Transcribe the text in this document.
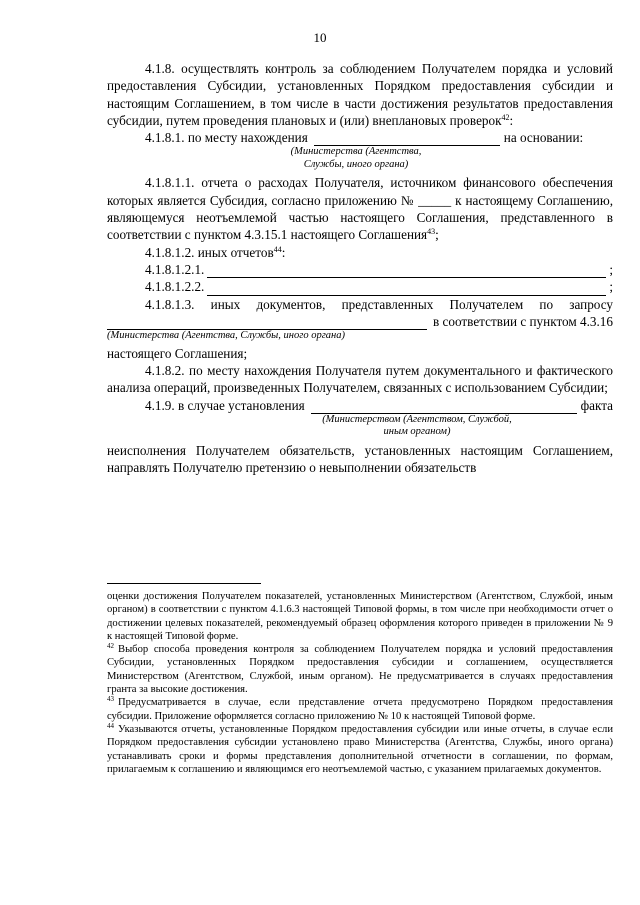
10

4.1.8. осуществлять контроль за соблюдением Получателем порядка и условий предоставления Субсидии, установленных Порядком предоставления субсидии и настоящим Соглашением, в том числе в части достижения результатов предоставления субсидии, путем проведения плановых и (или) внеплановых проверок$^{42}$:

4.1.8.1. по месту нахождения	на основании:
(Министерства (Агентства,
Службы, иного органа)

4.1.8.1.1. отчета о расходах Получателя, источником финансового обеспечения которых является Субсидия, согласно приложению № _____ к настоящему Соглашению, являющемуся неотъемлемой частью настоящего Соглашения, представленного в соответствии с пунктом 4.3.15.1 настоящего Соглашения$^{43}$;

4.1.8.1.2. иных отчетов$^{44}$:

4.1.8.1.2.1.	;
4.1.8.1.2.2.	;

4.1.8.1.3. иных документов, представленных Получателем по запросу

в соответствии с пунктом 4.3.16
(Министерства (Агентства, Службы, иного органа)

настоящего Соглашения;

4.1.8.2. по месту нахождения Получателя путем документального и фактического анализа операций, произведенных Получателем, связанных с использованием Субсидии;

4.1.9. в случае установления	факта
(Министерством (Агентством, Службой,
иным органом)

неисполнения Получателем обязательств, установленных настоящим Соглашением, направлять Получателю претензию о невыполнении обязательств

оценки достижения Получателем показателей, установленных Министерством (Агентством, Службой, иным органом) в соответствии с пунктом 4.1.6.3 настоящей Типовой формы, в том числе при необходимости отчет о достижении целевых показателей, рекомендуемый образец оформления которого приведен в приложении № 9 к настоящей Типовой форме.

$^{42}$ Выбор способа проведения контроля за соблюдением Получателем порядка и условий предоставления Субсидии, установленных Порядком предоставления субсидии и соглашением, осуществляется Министерством (Агентством, Службой, иным органом). Не предусматривается в случаях предоставления гранта за высокие достижения.

$^{43}$ Предусматривается в случае, если представление отчета предусмотрено Порядком предоставления субсидии. Приложение оформляется согласно приложению № 10 к настоящей Типовой форме.

$^{44}$ Указываются отчеты, установленные Порядком предоставления субсидии или иные отчеты, в случае если Порядком предоставления субсидии установлено право Министерства (Агентства, Службы, иного органа) устанавливать сроки и формы представления дополнительной отчетности в соглашении, по формам, прилагаемым к соглашению и являющимся его неотъемлемой частью, с указанием прилагаемых документов.
